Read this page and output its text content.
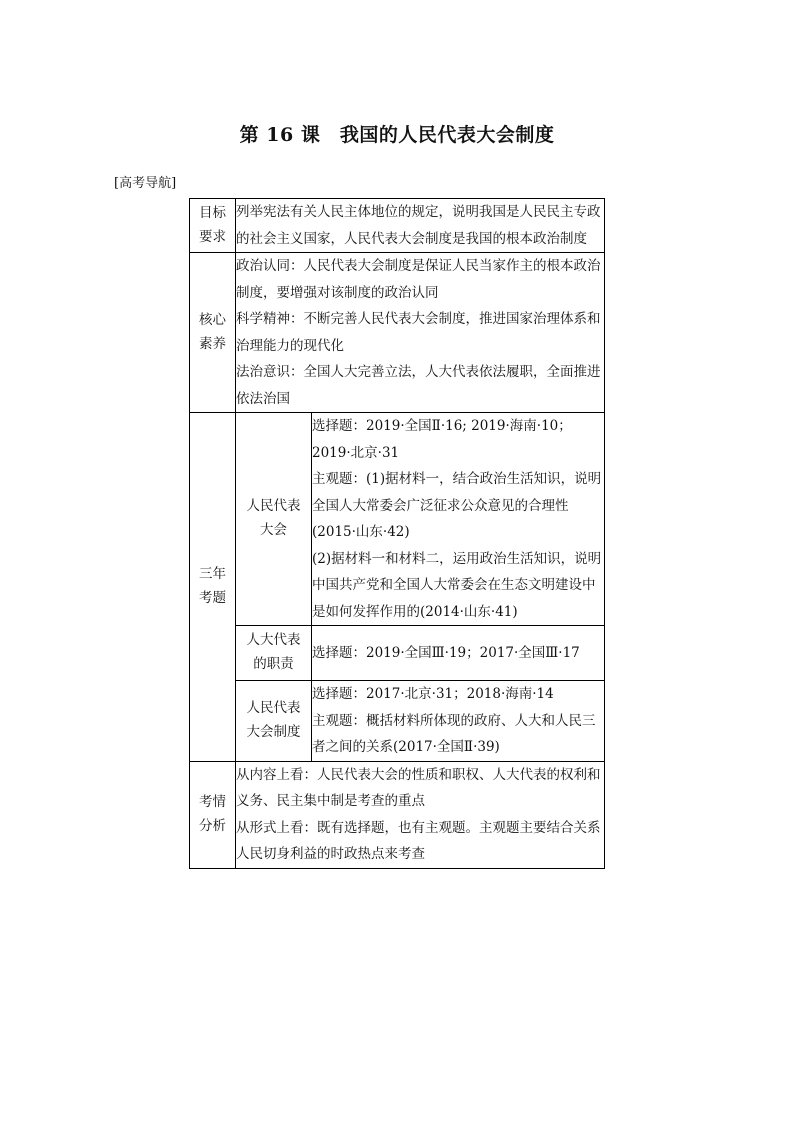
第 16 课　我国的人民代表大会制度
[高考导航]
目标要求	列举宪法有关人民主体地位的规定，说明我国是人民民主专政的社会主义国家，人民代表大会制度是我国的根本政治制度	

核心素养	政治认同：人民代表大会制度是保证人民当家作主的根本政治制度，要增强对该制度的政治认同
科学精神：不断完善人民代表大会制度，推进国家治理体系和治理能力的现代化
法治意识：全国人大完善立法，人大代表依法履职，全面推进依法治国	

三年考题	人民代表大会	选择题：2019·全国Ⅱ·16; 2019·海南·10；2019·北京·31
主观题：(1)据材料一，结合政治生活知识，说明全国人大常委会广泛征求公众意见的合理性
(2015·山东·42)
(2)据材料一和材料二，运用政治生活知识，说明中国共产党和全国人大常委会在生态文明建设中是如何发挥作用的(2014·山东·41)

	人大代表的职责	选择题：2019·全国Ⅲ·19；2017·全国Ⅲ·17

	人民代表大会制度	选择题：2017·北京·31；2018·海南·14
主观题：概括材料所体现的政府、人大和人民三者之间的关系(2017·全国Ⅱ·39)

考情分析	从内容上看：人民代表大会的性质和职权、人大代表的权利和义务、民主集中制是考查的重点
从形式上看：既有选择题，也有主观题。主观题主要结合关系人民切身利益的时政热点来考查	
